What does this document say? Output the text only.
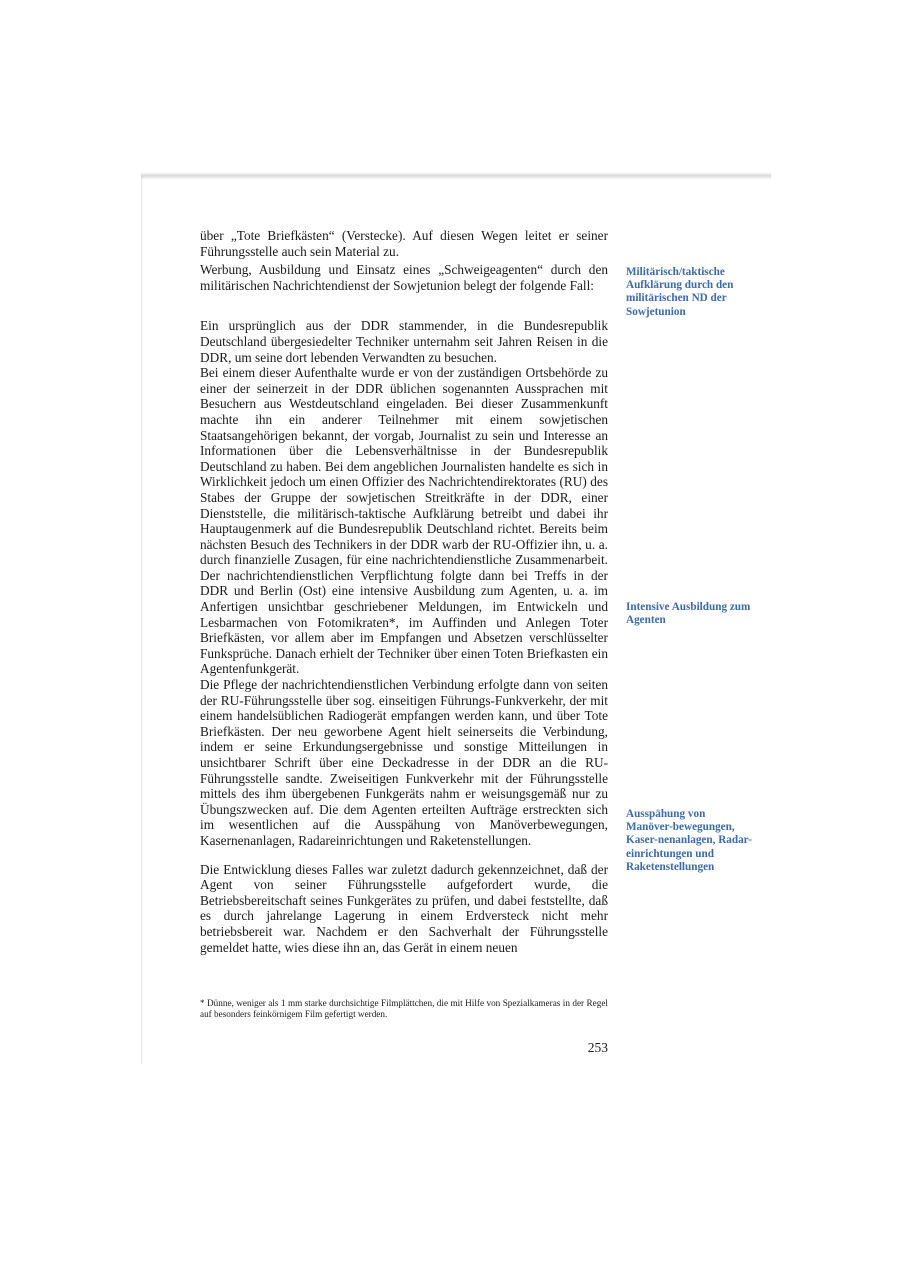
über „Tote Briefkästen“ (Verstecke). Auf diesen Wegen leitet er seiner Führungsstelle auch sein Material zu.

Werbung, Ausbildung und Einsatz eines „Schweigeagenten“ durch den militärischen Nachrichtendienst der Sowjetunion belegt der folgende Fall:

Ein ursprünglich aus der DDR stammender, in die Bundesrepublik Deutschland übergesiedelter Techniker unternahm seit Jahren Reisen in die DDR, um seine dort lebenden Verwandten zu besuchen.

Bei einem dieser Aufenthalte wurde er von der zuständigen Ortsbehörde zu einer der seinerzeit in der DDR üblichen sogenannten Aussprachen mit Besuchern aus Westdeutschland eingeladen. Bei dieser Zusammenkunft machte ihn ein anderer Teilnehmer mit einem sowjetischen Staatsangehörigen bekannt, der vorgab, Journalist zu sein und Interesse an Informationen über die Lebensverhältnisse in der Bundesrepublik Deutschland zu haben. Bei dem angeblichen Journalisten handelte es sich in Wirklichkeit jedoch um einen Offizier des Nachrichtendirektorates (RU) des Stabes der Gruppe der sowjetischen Streitkräfte in der DDR, einer Dienststelle, die militärisch-taktische Aufklärung betreibt und dabei ihr Hauptaugenmerk auf die Bundesrepublik Deutschland richtet. Bereits beim nächsten Besuch des Technikers in der DDR warb der RU-Offizier ihn, u. a. durch finanzielle Zusagen, für eine nachrichtendienstliche Zusammenarbeit. Der nachrichtendienstlichen Verpflichtung folgte dann bei Treffs in der DDR und Berlin (Ost) eine intensive Ausbildung zum Agenten, u. a. im Anfertigen unsichtbar geschriebener Meldungen, im Entwickeln und Lesbarmachen von Fotomikraten*, im Auffinden und Anlegen Toter Briefkästen, vor allem aber im Empfangen und Absetzen verschlüsselter Funksprüche. Danach erhielt der Techniker über einen Toten Briefkasten ein Agentenfunkgerät.

Die Pflege der nachrichtendienstlichen Verbindung erfolgte dann von seiten der RU-Führungsstelle über sog. einseitigen Führungs-Funkverkehr, der mit einem handelsüblichen Radiogerät empfangen werden kann, und über Tote Briefkästen. Der neu geworbene Agent hielt seinerseits die Verbindung, indem er seine Erkundungsergebnisse und sonstige Mitteilungen in unsichtbarer Schrift über eine Deckadresse in der DDR an die RU-Führungsstelle sandte. Zweiseitigen Funkverkehr mit der Führungsstelle mittels des ihm übergebenen Funkgeräts nahm er weisungsgemäß nur zu Übungszwecken auf. Die dem Agenten erteilten Aufträge erstreckten sich im wesentlichen auf die Ausspähung von Manöverbewegungen, Kasernenanlagen, Radareinrichtungen und Raketenstellungen.

Die Entwicklung dieses Falles war zuletzt dadurch gekennzeichnet, daß der Agent von seiner Führungsstelle aufgefordert wurde, die Betriebsbereitschaft seines Funkgerätes zu prüfen, und dabei feststellte, daß es durch jahrelange Lagerung in einem Erdversteck nicht mehr betriebsbereit war. Nachdem er den Sachverhalt der Führungsstelle gemeldet hatte, wies diese ihn an, das Gerät in einem neuen

Militärisch/taktische Aufklärung durch den militärischen ND der Sowjetunion
Intensive Ausbildung zum Agenten
Ausspähung von Manöver-bewegungen, Kaser-nenanlagen, Radar-einrichtungen und Raketenstellungen
* Dünne, weniger als 1 mm starke durchsichtige Filmplättchen, die mit Hilfe von Spezialkameras in der Regel auf besonders feinkörnigem Film gefertigt werden.
253
